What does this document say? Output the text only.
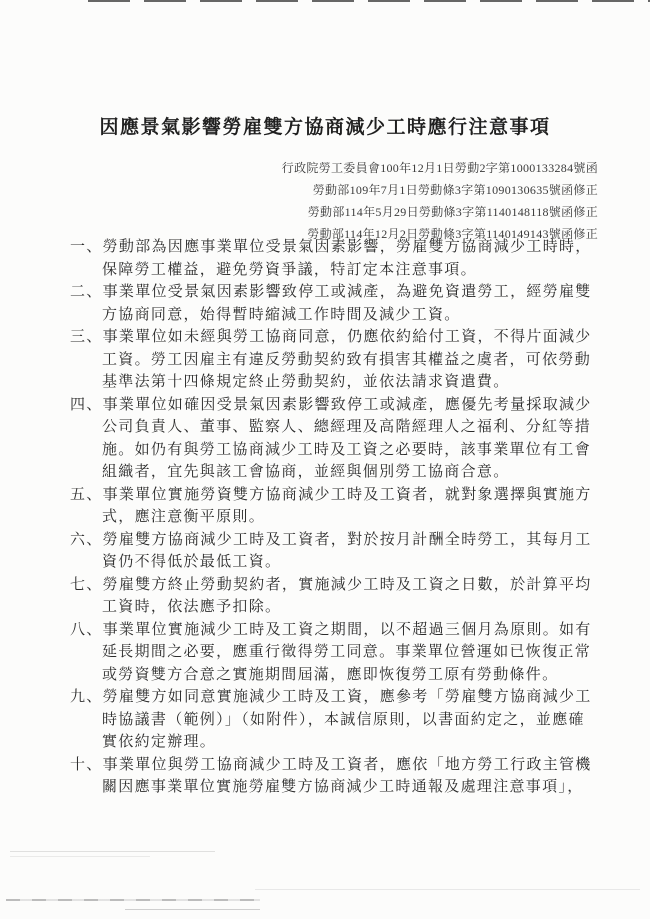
因應景氣影響勞雇雙方協商減少工時應行注意事項
行政院勞工委員會100年12月1日勞動2字第1000133284號函
勞動部109年7月1日勞動條3字第1090130635號函修正
勞動部114年5月29日勞動條3字第1140148118號函修正
勞動部114年12月2日勞動條3字第1140149143號函修正
一、勞動部為因應事業單位受景氣因素影響，勞雇雙方協商減少工時時，
保障勞工權益，避免勞資爭議，特訂定本注意事項。
二、事業單位受景氣因素影響致停工或減產，為避免資遣勞工，經勞雇雙
方協商同意，始得暫時縮減工作時間及減少工資。
三、事業單位如未經與勞工協商同意，仍應依約給付工資，不得片面減少
工資。勞工因雇主有違反勞動契約致有損害其權益之虞者，可依勞動
基準法第十四條規定終止勞動契約，並依法請求資遣費。
四、事業單位如確因受景氣因素影響致停工或減產，應優先考量採取減少
公司負責人、董事、監察人、總經理及高階經理人之福利、分紅等措
施。如仍有與勞工協商減少工時及工資之必要時，該事業單位有工會
組織者，宜先與該工會協商，並經與個別勞工協商合意。
五、事業單位實施勞資雙方協商減少工時及工資者，就對象選擇與實施方
式，應注意衡平原則。
六、勞雇雙方協商減少工時及工資者，對於按月計酬全時勞工，其每月工
資仍不得低於最低工資。
七、勞雇雙方終止勞動契約者，實施減少工時及工資之日數，於計算平均
工資時，依法應予扣除。
八、事業單位實施減少工時及工資之期間，以不超過三個月為原則。如有
延長期間之必要，應重行徵得勞工同意。事業單位營運如已恢復正常
或勞資雙方合意之實施期間屆滿，應即恢復勞工原有勞動條件。
九、勞雇雙方如同意實施減少工時及工資，應參考「勞雇雙方協商減少工
時協議書（範例）」（如附件），本誠信原則，以書面約定之，並應確
實依約定辦理。
十、事業單位與勞工協商減少工時及工資者，應依「地方勞工行政主管機
關因應事業單位實施勞雇雙方協商減少工時通報及處理注意事項」，
